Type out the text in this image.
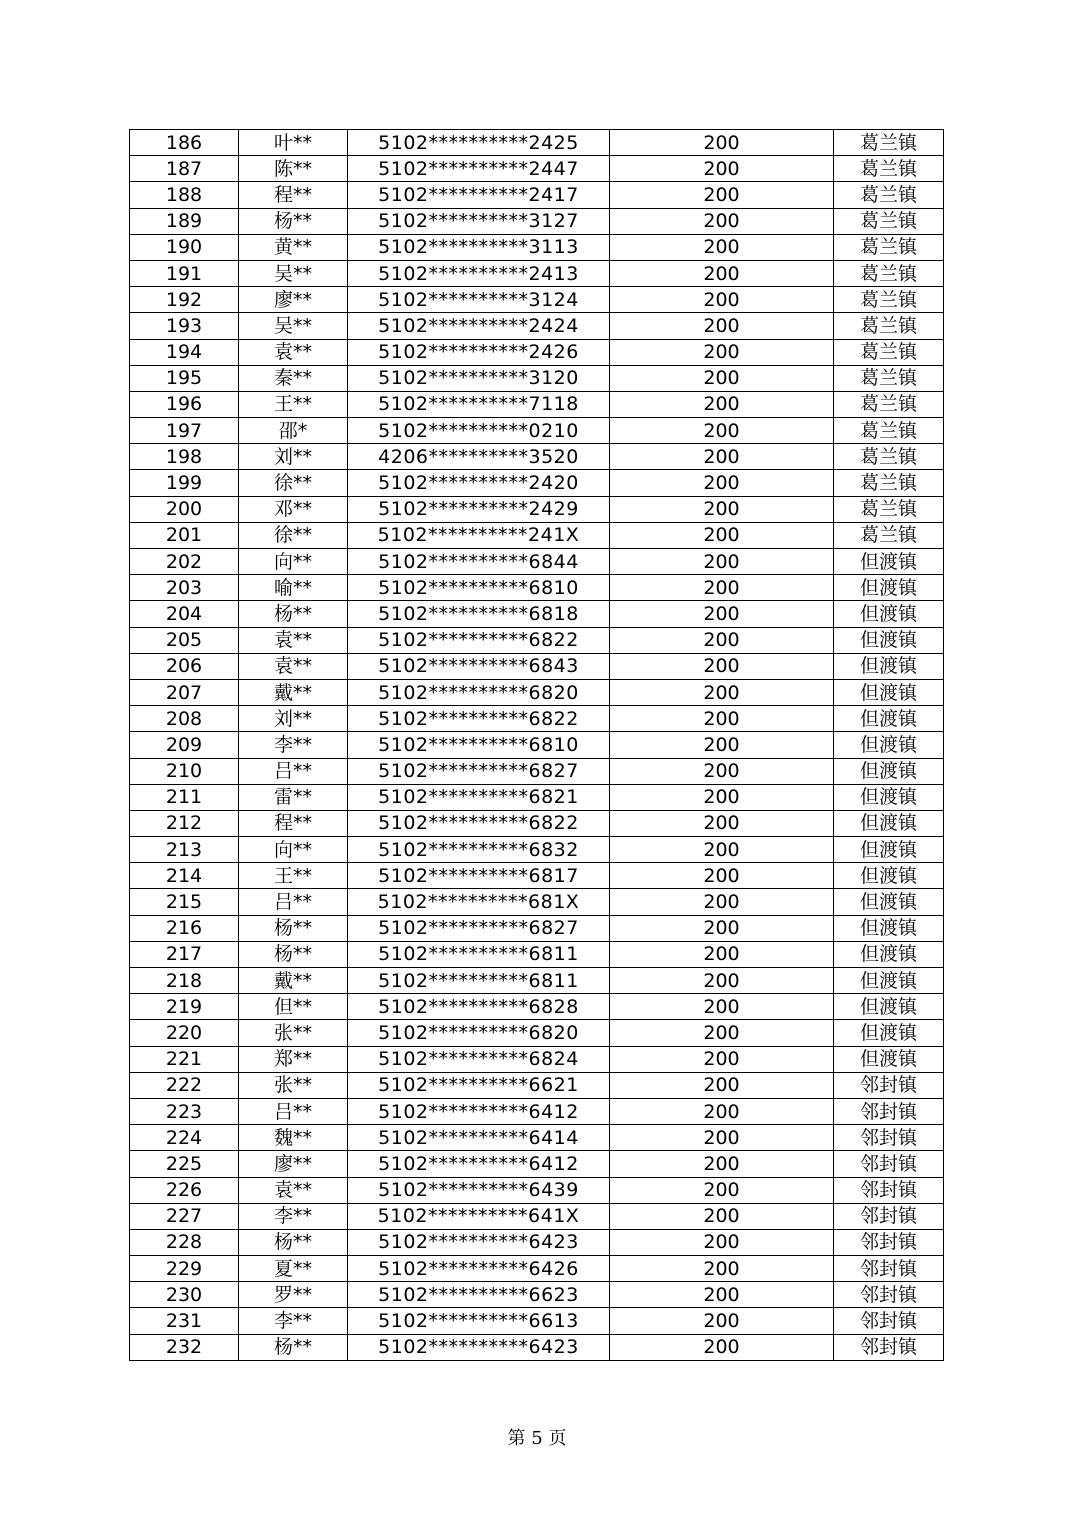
186	叶**	5102**********2425	200	葛兰镇
187	陈**	5102**********2447	200	葛兰镇
188	程**	5102**********2417	200	葛兰镇
189	杨**	5102**********3127	200	葛兰镇
190	黄**	5102**********3113	200	葛兰镇
191	吴**	5102**********2413	200	葛兰镇
192	廖**	5102**********3124	200	葛兰镇
193	吴**	5102**********2424	200	葛兰镇
194	袁**	5102**********2426	200	葛兰镇
195	秦**	5102**********3120	200	葛兰镇
196	王**	5102**********7118	200	葛兰镇
197	邵*	5102**********0210	200	葛兰镇
198	刘**	4206**********3520	200	葛兰镇
199	徐**	5102**********2420	200	葛兰镇
200	邓**	5102**********2429	200	葛兰镇
201	徐**	5102**********241X	200	葛兰镇
202	向**	5102**********6844	200	但渡镇
203	喻**	5102**********6810	200	但渡镇
204	杨**	5102**********6818	200	但渡镇
205	袁**	5102**********6822	200	但渡镇
206	袁**	5102**********6843	200	但渡镇
207	戴**	5102**********6820	200	但渡镇
208	刘**	5102**********6822	200	但渡镇
209	李**	5102**********6810	200	但渡镇
210	吕**	5102**********6827	200	但渡镇
211	雷**	5102**********6821	200	但渡镇
212	程**	5102**********6822	200	但渡镇
213	向**	5102**********6832	200	但渡镇
214	王**	5102**********6817	200	但渡镇
215	吕**	5102**********681X	200	但渡镇
216	杨**	5102**********6827	200	但渡镇
217	杨**	5102**********6811	200	但渡镇
218	戴**	5102**********6811	200	但渡镇
219	但**	5102**********6828	200	但渡镇
220	张**	5102**********6820	200	但渡镇
221	郑**	5102**********6824	200	但渡镇
222	张**	5102**********6621	200	邻封镇
223	吕**	5102**********6412	200	邻封镇
224	魏**	5102**********6414	200	邻封镇
225	廖**	5102**********6412	200	邻封镇
226	袁**	5102**********6439	200	邻封镇
227	李**	5102**********641X	200	邻封镇
228	杨**	5102**********6423	200	邻封镇
229	夏**	5102**********6426	200	邻封镇
230	罗**	5102**********6623	200	邻封镇
231	李**	5102**********6613	200	邻封镇
232	杨**	5102**********6423	200	邻封镇
第 5 页
